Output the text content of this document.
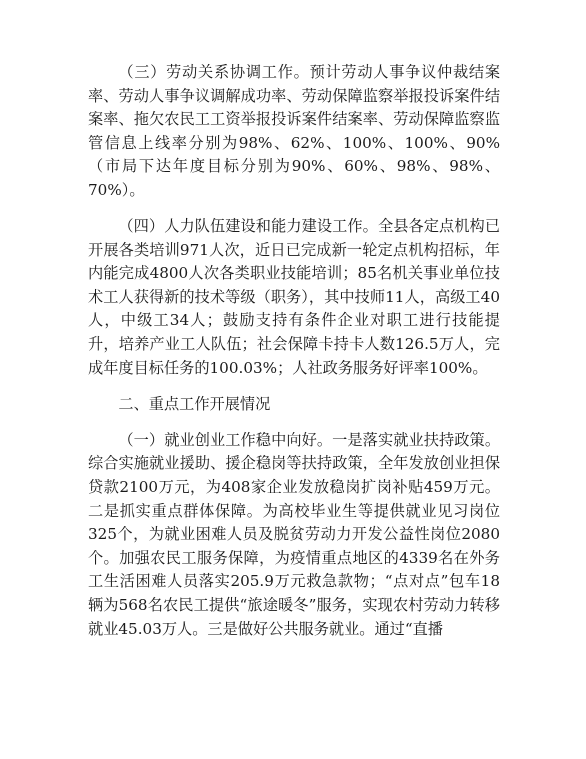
（三）劳动关系协调工作。预计劳动人事争议仲裁结案率、劳动人事争议调解成功率、劳动保障监察举报投诉案件结案率、拖欠农民工工资举报投诉案件结案率、劳动保障监察监管信息上线率分别为98%、62%、100%、100%、90%（市局下达年度目标分别为90%、60%、98%、98%、70%）。

（四）人力队伍建设和能力建设工作。全县各定点机构已开展各类培训971人次，近日已完成新一轮定点机构招标，年内能完成4800人次各类职业技能培训；85名机关事业单位技术工人获得新的技术等级（职务），其中技师11人，高级工40人，中级工34人；鼓励支持有条件企业对职工进行技能提升，培养产业工人队伍；社会保障卡持卡人数126.5万人，完成年度目标任务的100.03%；人社政务服务好评率100%。

二、重点工作开展情况

（一）就业创业工作稳中向好。一是落实就业扶持政策。综合实施就业援助、援企稳岗等扶持政策，全年发放创业担保贷款2100万元，为408家企业发放稳岗扩岗补贴459万元。二是抓实重点群体保障。为高校毕业生等提供就业见习岗位325个，为就业困难人员及脱贫劳动力开发公益性岗位2080个。加强农民工服务保障，为疫情重点地区的4339名在外务工生活困难人员落实205.9万元救急款物；“点对点”包车18辆为568名农民工提供“旅途暖冬”服务，实现农村劳动力转移就业45.03万人。三是做好公共服务就业。通过“直播
